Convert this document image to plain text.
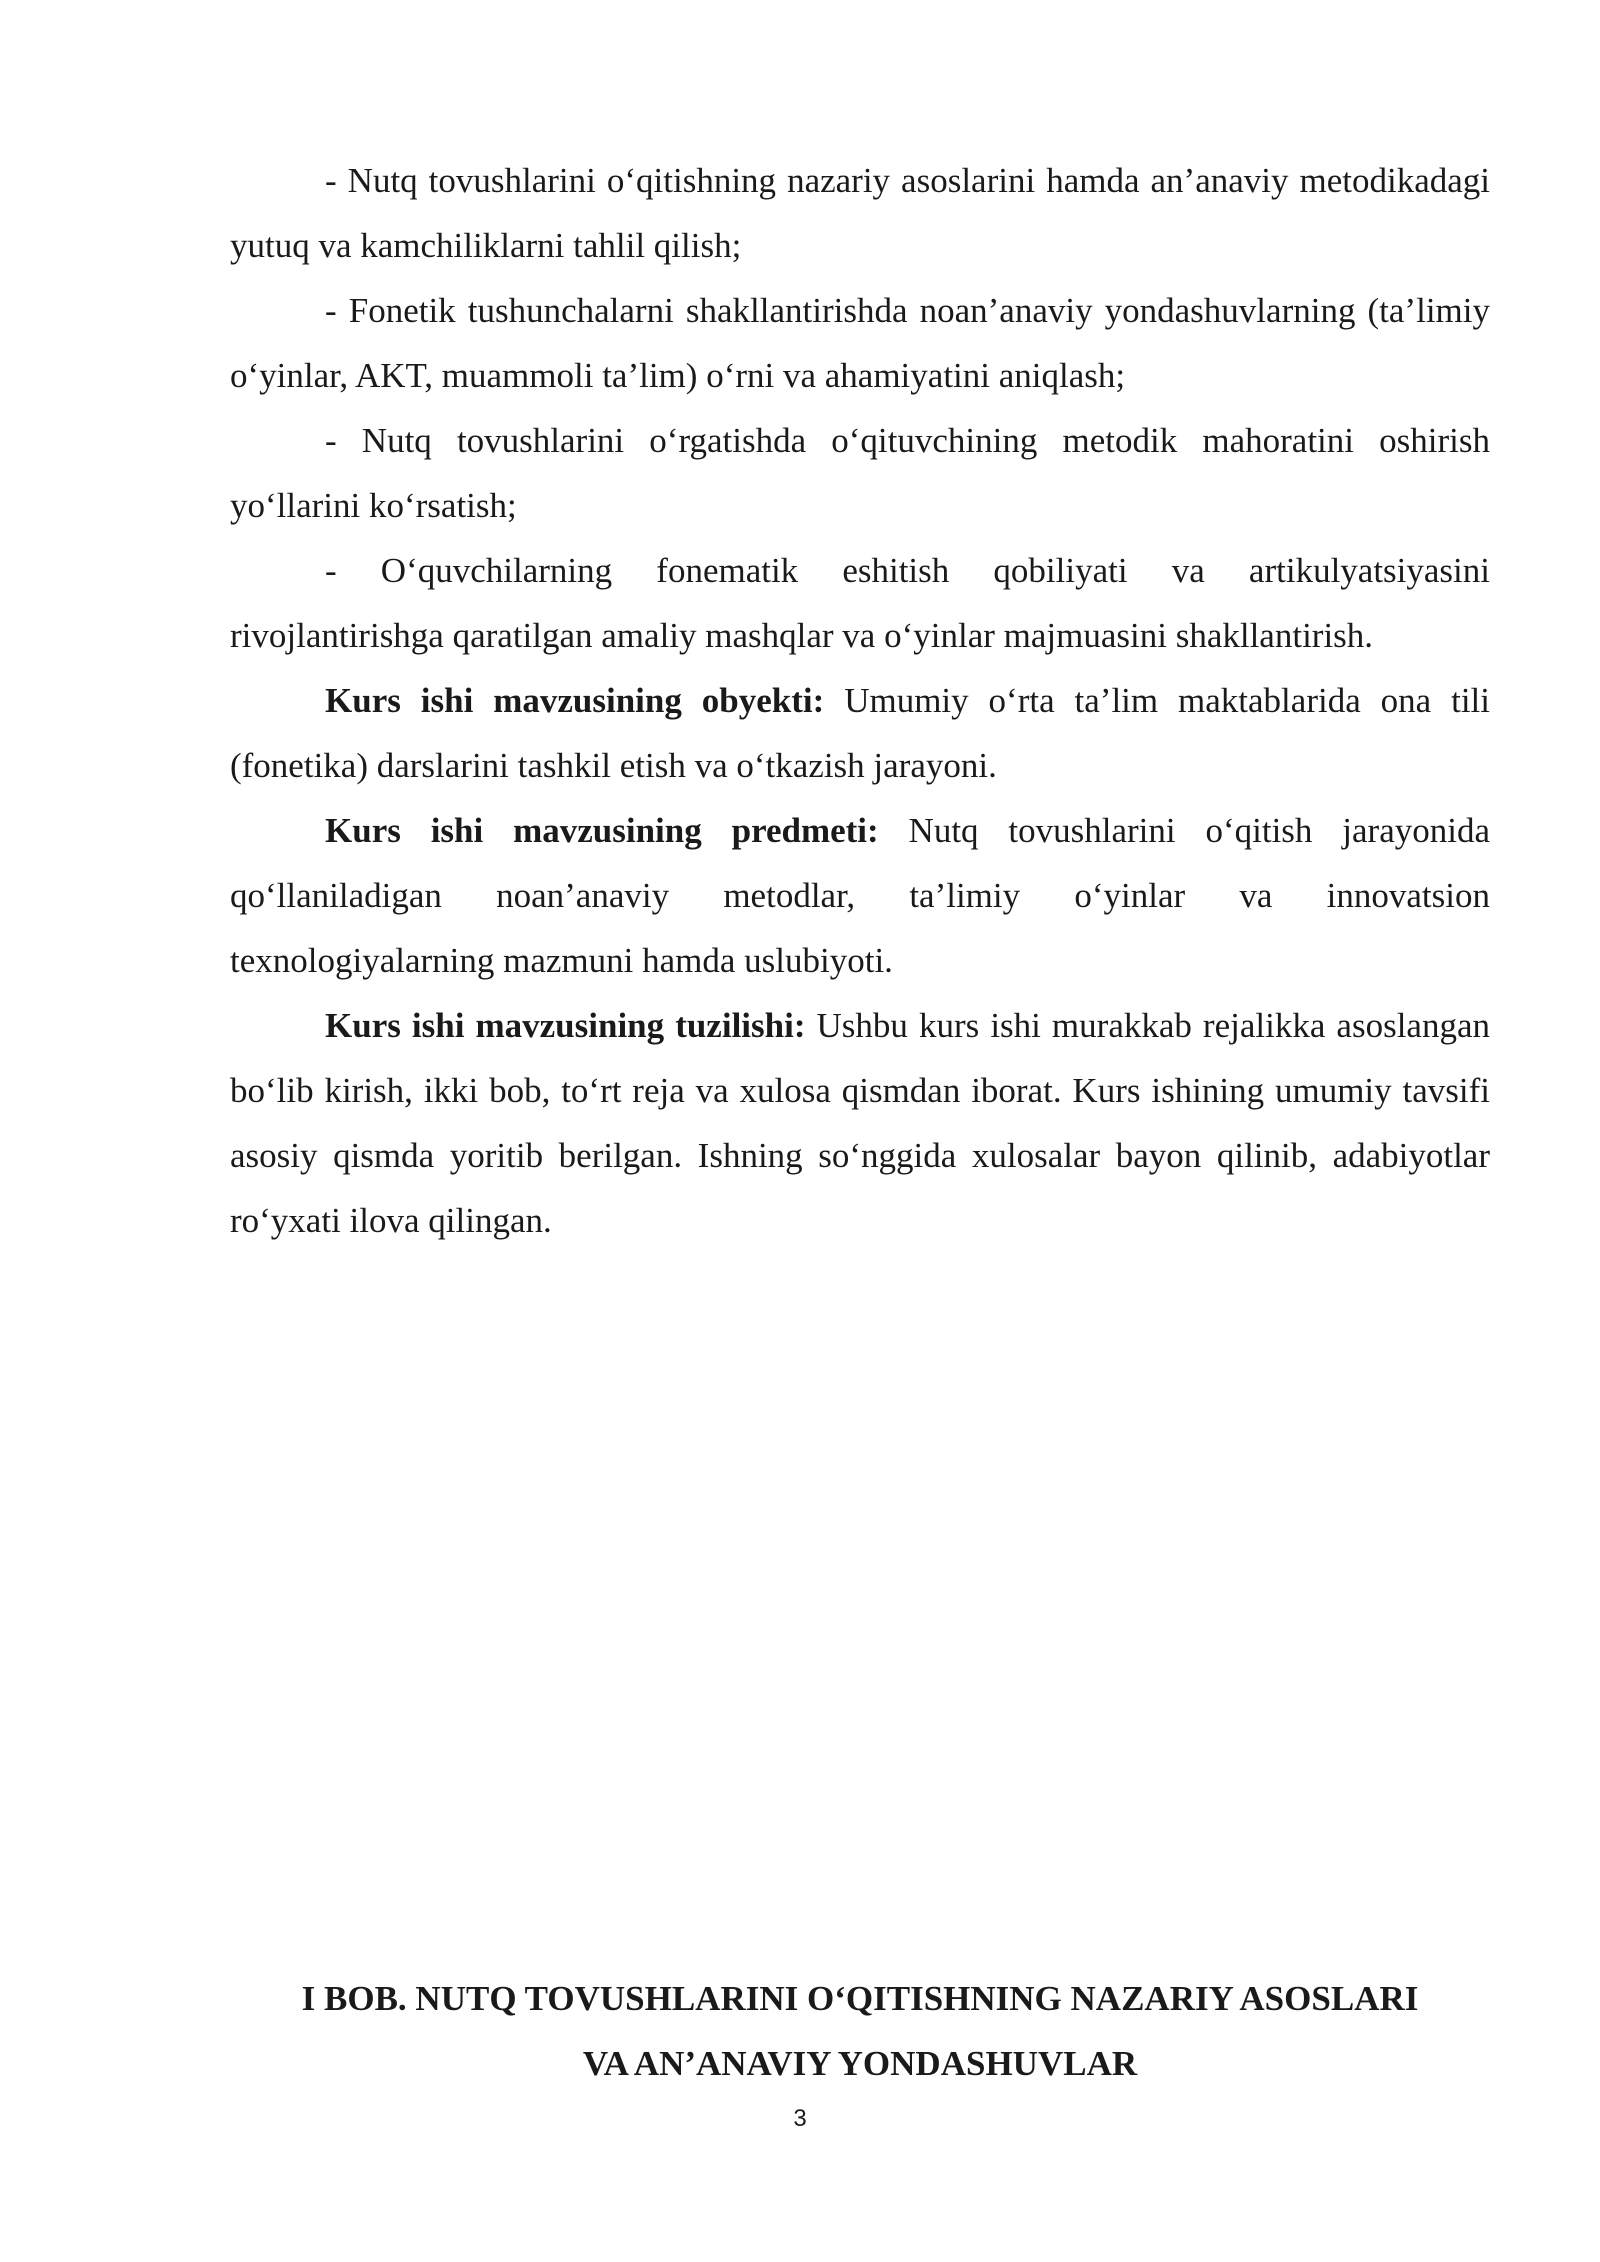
- Nutq tovushlarini o‘qitishning nazariy asoslarini hamda an’anaviy metodikadagi yutuq va kamchiliklarni tahlil qilish;

- Fonetik tushunchalarni shakllantirishda noan’anaviy yondashuvlarning (ta’limiy o‘yinlar, AKT, muammoli ta’lim) o‘rni va ahamiyatini aniqlash;

- Nutq tovushlarini o‘rgatishda o‘qituvchining metodik mahoratini oshirish yo‘llarini ko‘rsatish;

- O‘quvchilarning fonematik eshitish qobiliyati va artikulyatsiyasini rivojlantirishga qaratilgan amaliy mashqlar va o‘yinlar majmuasini shakllantirish.

Kurs ishi mavzusining obyekti: Umumiy o‘rta ta’lim maktablarida ona tili (fonetika) darslarini tashkil etish va o‘tkazish jarayoni.

Kurs ishi mavzusining predmeti: Nutq tovushlarini o‘qitish jarayonida qo‘llaniladigan noan’anaviy metodlar, ta’limiy o‘yinlar va innovatsion texnologiyalarning mazmuni hamda uslubiyoti.

Kurs ishi mavzusining tuzilishi: Ushbu kurs ishi murakkab rejalikka asoslangan bo‘lib kirish, ikki bob, to‘rt reja va xulosa qismdan iborat. Kurs ishining umumiy tavsifi asosiy qismda yoritib berilgan. Ishning so‘nggida xulosalar bayon qilinib, adabiyotlar ro‘yxati ilova qilingan.

I BOB. NUTQ TOVUSHLARINI O‘QITISHNING NAZARIY ASOSLARI
VA AN’ANAVIY YONDASHUVLAR
3
